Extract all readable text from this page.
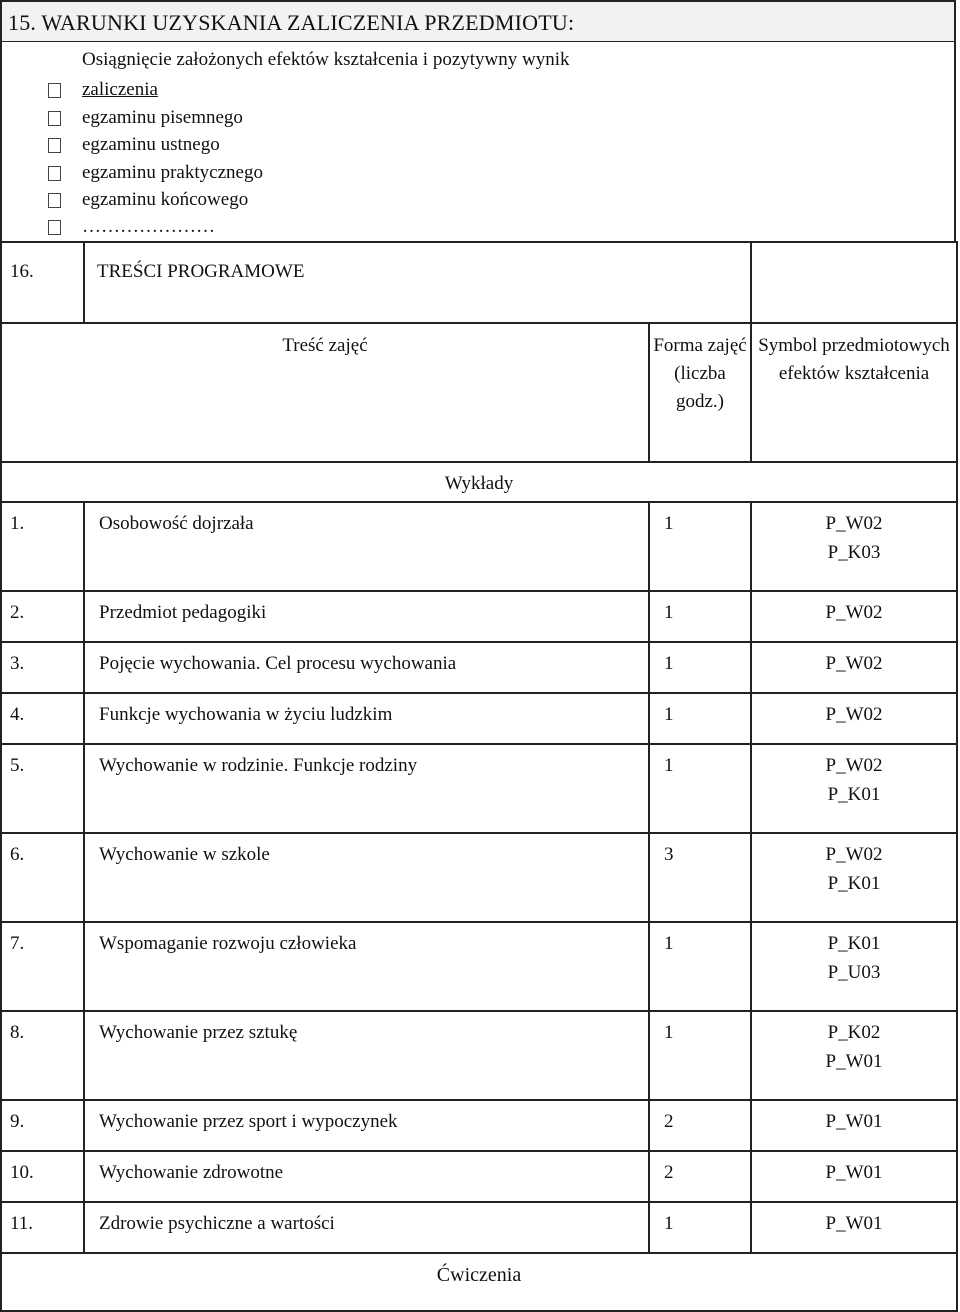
15. WARUNKI UZYSKANIA ZALICZENIA PRZEDMIOTU:
Osiągnięcie założonych efektów kształcenia i pozytywny wynik
zaliczenia
egzaminu pisemnego
egzaminu ustnego
egzaminu praktycznego
egzaminu końcowego
…………………
16.	TREŚCI PROGRAMOWE		
Treść zajęć		Forma zajęć (liczba godz.)	Symbol przedmiotowych efektów kształcenia
Wykłady			
1.	Osobowość dojrzała	1	P_W02
P_K03

2.	Przedmiot pedagogiki	1	P_W02

3.	Pojęcie wychowania. Cel procesu wychowania	1	P_W02

4.	Funkcje wychowania w życiu ludzkim	1	P_W02

5.	Wychowanie w rodzinie. Funkcje rodziny	1	P_W02
P_K01

6.	Wychowanie w szkole	3	P_W02
P_K01

7.	Wspomaganie rozwoju człowieka	1	P_K01
P_U03

8.	Wychowanie przez sztukę	1	P_K02
P_W01

9.	Wychowanie przez sport i wypoczynek	2	P_W01

10.	Wychowanie zdrowotne	2	P_W01

11.	Zdrowie psychiczne a wartości	1	P_W01

Ćwiczenia			
